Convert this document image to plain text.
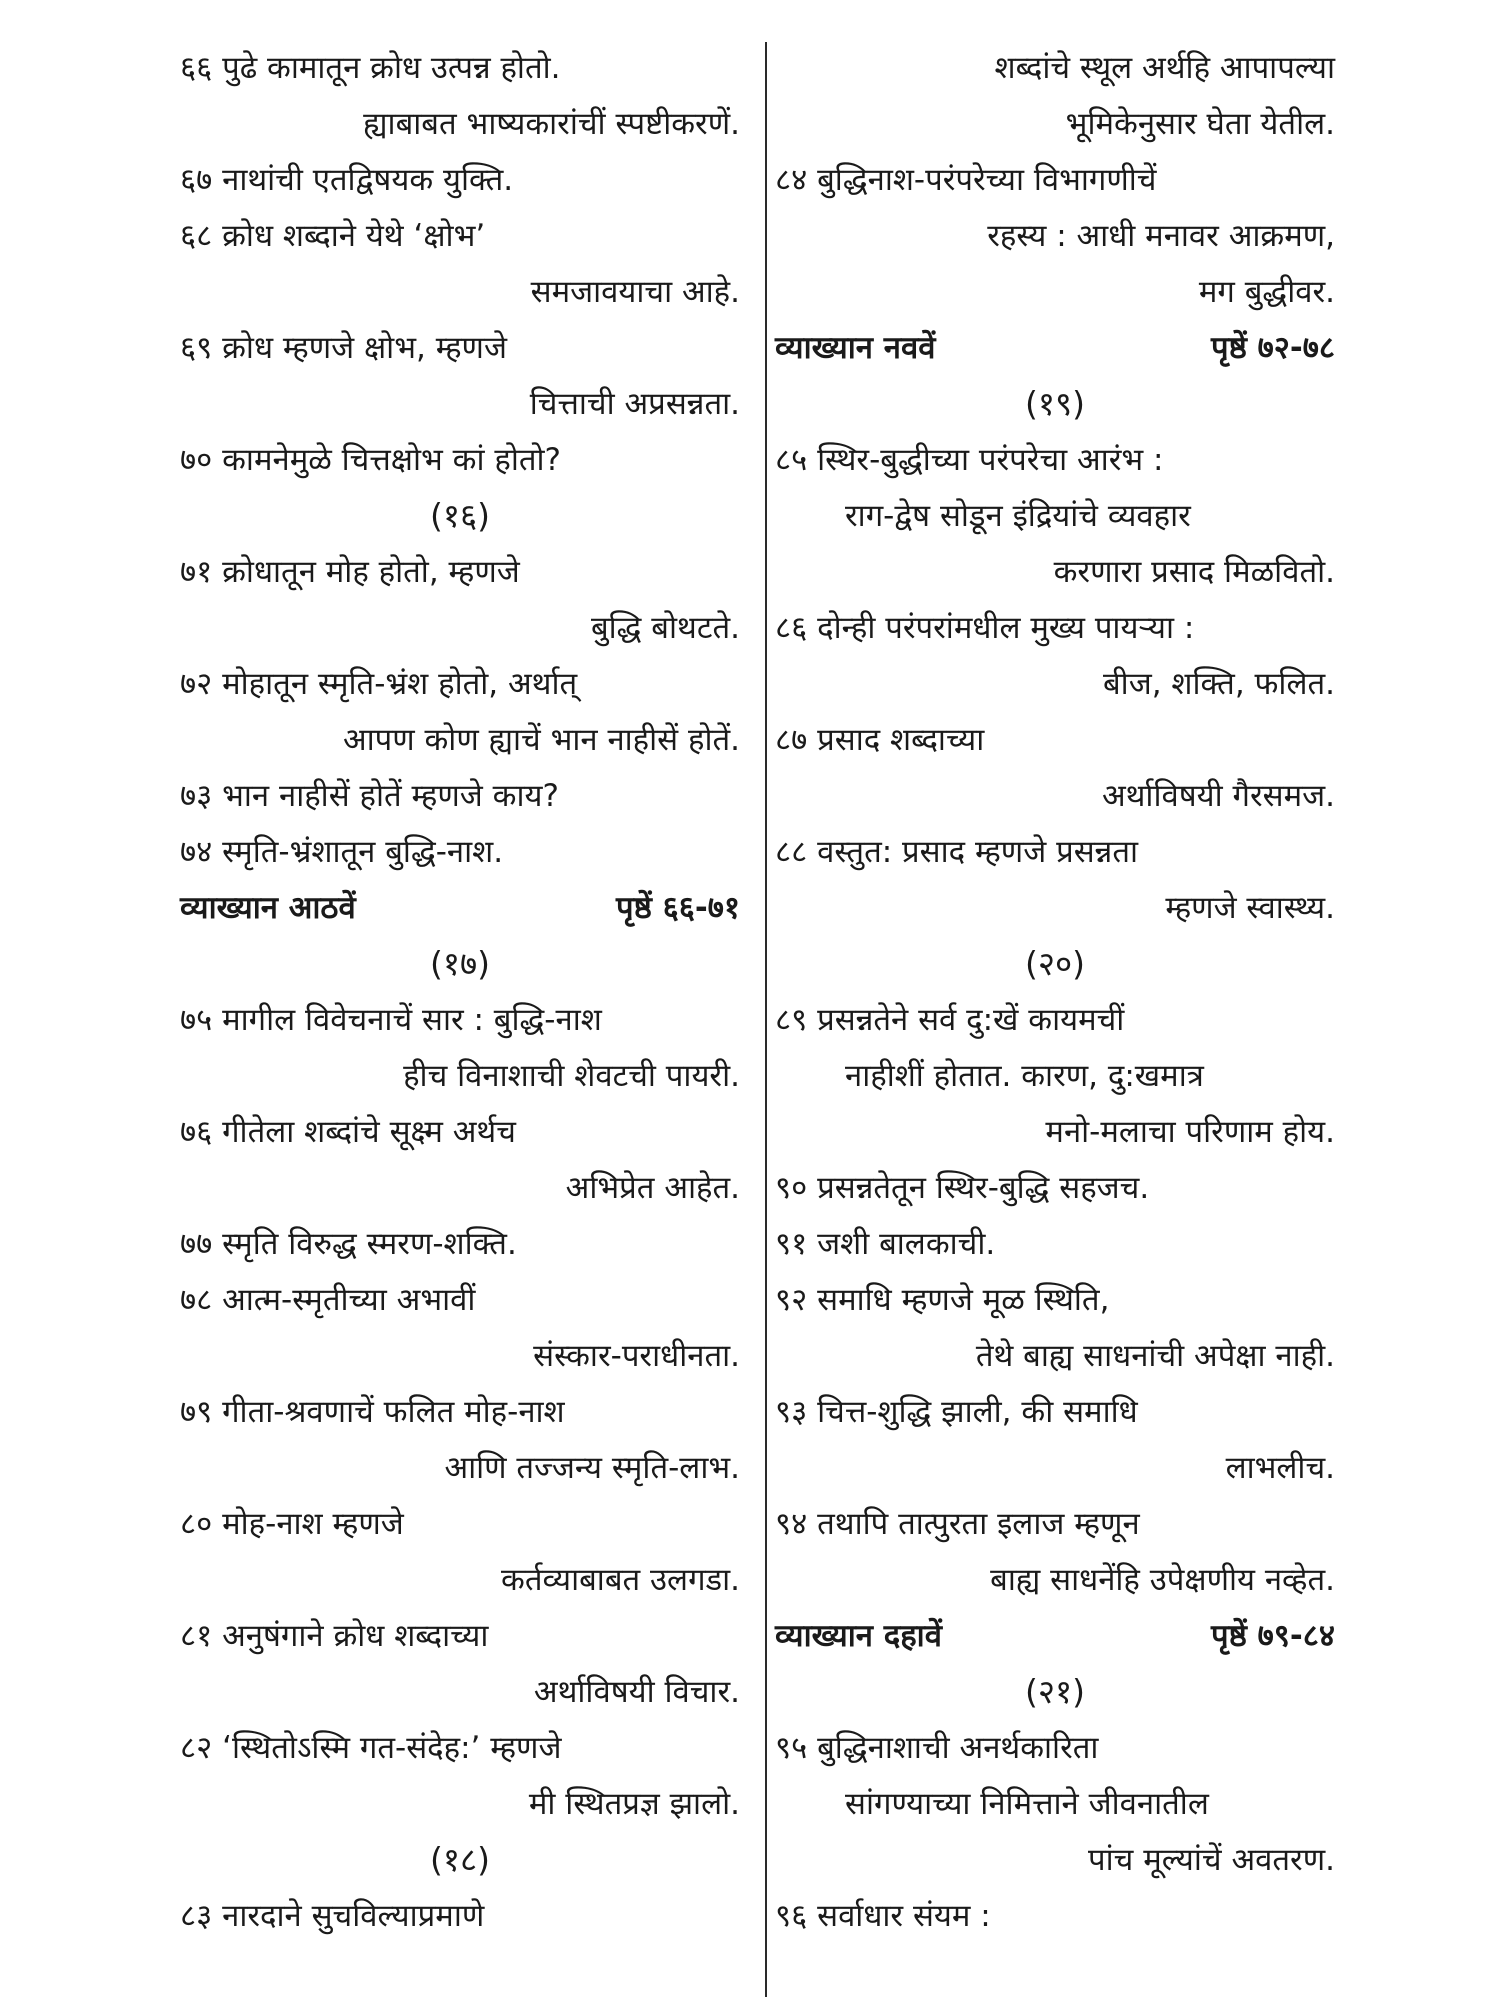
६६ पुढे कामातून क्रोध उत्पन्न होतो.
ह्याबाबत भाष्यकारांचीं स्पष्टीकरणें.
६७ नाथांची एतद्विषयक युक्ति.
६८ क्रोध शब्दाने येथे ‘क्षोभ’
समजावयाचा आहे.
६९ क्रोध म्हणजे क्षोभ, म्हणजे
चित्ताची अप्रसन्नता.
७० कामनेमुळे चित्तक्षोभ कां होतो?
(१६)
७१ क्रोधातून मोह होतो, म्हणजे
बुद्धि बोथटते.
७२ मोहातून स्मृति-भ्रंश होतो, अर्थात्
आपण कोण ह्याचें भान नाहीसें होतें.
७३ भान नाहीसें होतें म्हणजे काय?
७४ स्मृति-भ्रंशातून बुद्धि-नाश.
व्याख्यान आठवें	पृष्ठें ६६-७१
(१७)
७५ मागील विवेचनाचें सार : बुद्धि-नाश
हीच विनाशाची शेवटची पायरी.
७६ गीतेला शब्दांचे सूक्ष्म अर्थच
अभिप्रेत आहेत.
७७ स्मृति विरुद्ध स्मरण-शक्ति.
७८ आत्म-स्मृतीच्या अभावीं
संस्कार-पराधीनता.
७९ गीता-श्रवणाचें फलित मोह-नाश
आणि तज्जन्य स्मृति-लाभ.
८० मोह-नाश म्हणजे
कर्तव्याबाबत उलगडा.
८१ अनुषंगाने क्रोध शब्दाच्या
अर्थाविषयी विचार.
८२ ‘स्थितोऽस्मि गत-संदेह:’ म्हणजे
मी स्थितप्रज्ञ झालो.
(१८)
८३ नारदाने सुचविल्याप्रमाणे
शब्दांचे स्थूल अर्थहि आपापल्या
भूमिकेनुसार घेता येतील.
८४ बुद्धिनाश-परंपरेच्या विभागणीचें
रहस्य : आधी मनावर आक्रमण,
मग बुद्धीवर.
व्याख्यान नववें	पृष्ठें ७२-७८
(१९)
८५ स्थिर-बुद्धीच्या परंपरेचा आरंभ :
राग-द्वेष सोडून इंद्रियांचे व्यवहार
करणारा प्रसाद मिळवितो.
८६ दोन्ही परंपरांमधील मुख्य पायऱ्या :
बीज, शक्ति, फलित.
८७ प्रसाद शब्दाच्या
अर्थाविषयी गैरसमज.
८८ वस्तुत: प्रसाद म्हणजे प्रसन्नता
म्हणजे स्वास्थ्य.
(२०)
८९ प्रसन्नतेने सर्व दु:खें कायमचीं
नाहीशीं होतात. कारण, दु:खमात्र
मनो-मलाचा परिणाम होय.
९० प्रसन्नतेतून स्थिर-बुद्धि सहजच.
९१ जशी बालकाची.
९२ समाधि म्हणजे मूळ स्थिति,
तेथे बाह्य साधनांची अपेक्षा नाही.
९३ चित्त-शुद्धि झाली, की समाधि
लाभलीच.
९४ तथापि तात्पुरता इलाज म्हणून
बाह्य साधनेंहि उपेक्षणीय नव्हेत.
व्याख्यान दहावें	पृष्ठें ७९-८४
(२१)
९५ बुद्धिनाशाची अनर्थकारिता
सांगण्याच्या निमित्ताने जीवनातील
पांच मूल्यांचें अवतरण.
९६ सर्वाधार संयम :
